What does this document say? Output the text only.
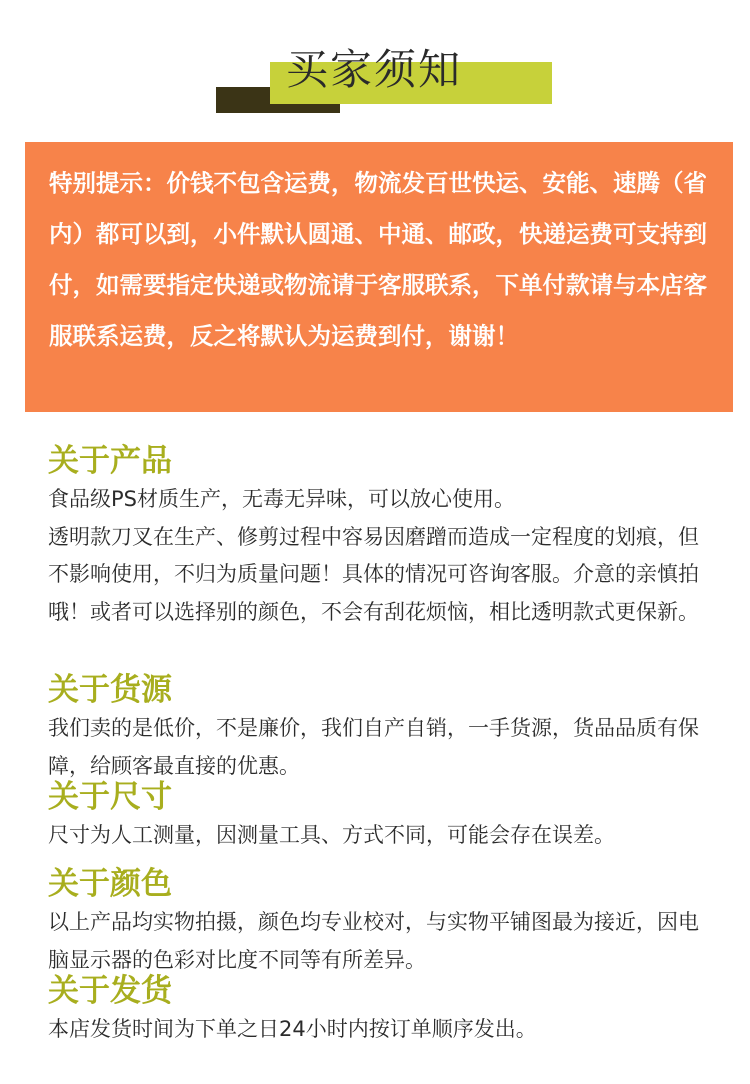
买家须知

特别提示：价钱不包含运费，物流发百世快运、安能、速腾（省内）都可以到，小件默认圆通、中通、邮政，快递运费可支持到付，如需要指定快递或物流请于客服联系，下单付款请与本店客服联系运费，反之将默认为运费到付，谢谢！

关于产品

食品级PS材质生产，无毒无异味，可以放心使用。
透明款刀叉在生产、修剪过程中容易因磨蹭而造成一定程度的划痕，但不影响使用，不归为质量问题！具体的情况可咨询客服。介意的亲慎拍哦！或者可以选择别的颜色，不会有刮花烦恼，相比透明款式更保新。

关于货源

我们卖的是低价，不是廉价，我们自产自销，一手货源，货品品质有保障，给顾客最直接的优惠。

关于尺寸

尺寸为人工测量，因测量工具、方式不同，可能会存在误差。

关于颜色

以上产品均实物拍摄，颜色均专业校对，与实物平铺图最为接近，因电脑显示器的色彩对比度不同等有所差异。

关于发货

本店发货时间为下单之日24小时内按订单顺序发出。
